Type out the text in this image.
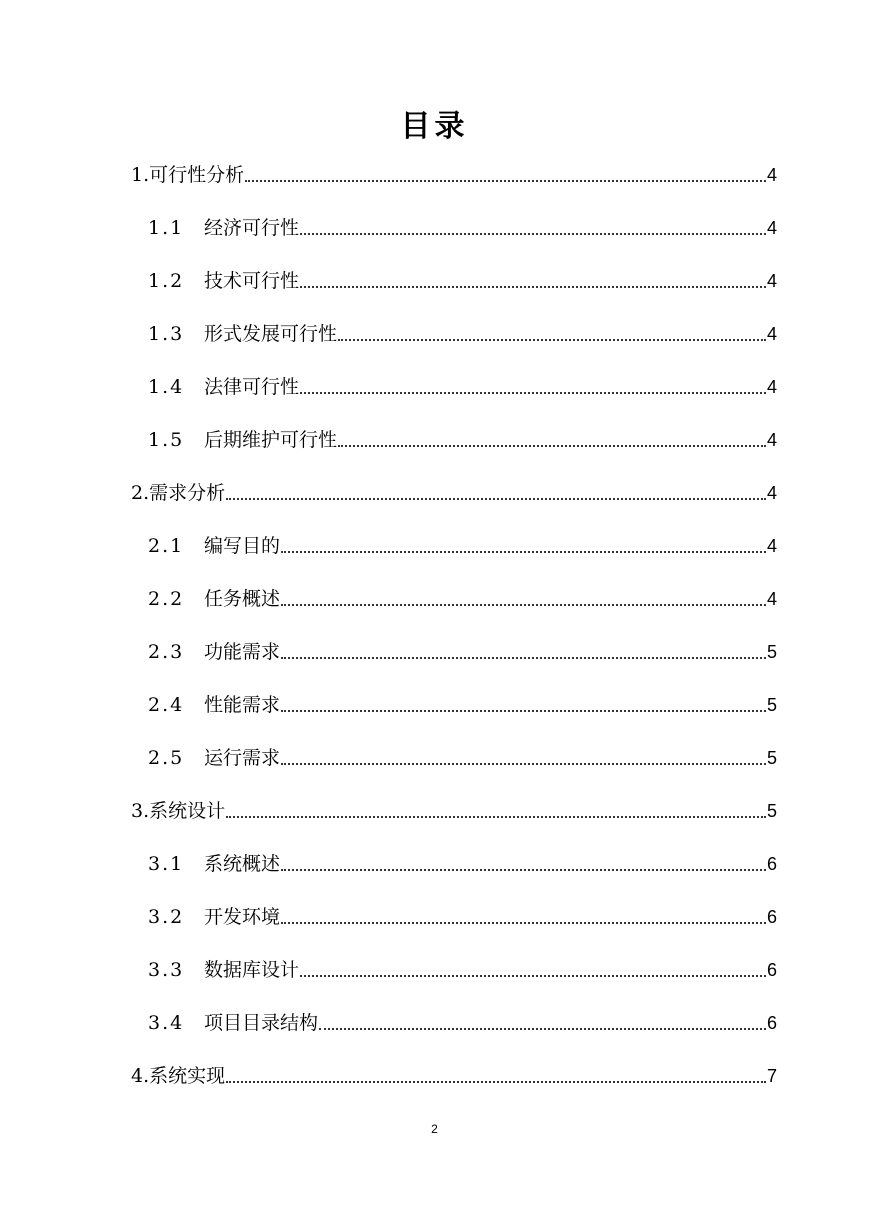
目录
1. 可行性分析	4
1.1	经济可行性	4
1.2	技术可行性	4
1.3	形式发展可行性	4
1.4	法律可行性	4
1.5	后期维护可行性	4
2. 需求分析	4
2.1	编写目的	4
2.2	任务概述	4
2.3	功能需求	5
2.4	性能需求	5
2.5	运行需求	5
3. 系统设计	5
3.1	系统概述	6
3.2	开发环境	6
3.3	数据库设计	6
3.4	项目目录结构	6
4. 系统实现	7
2
